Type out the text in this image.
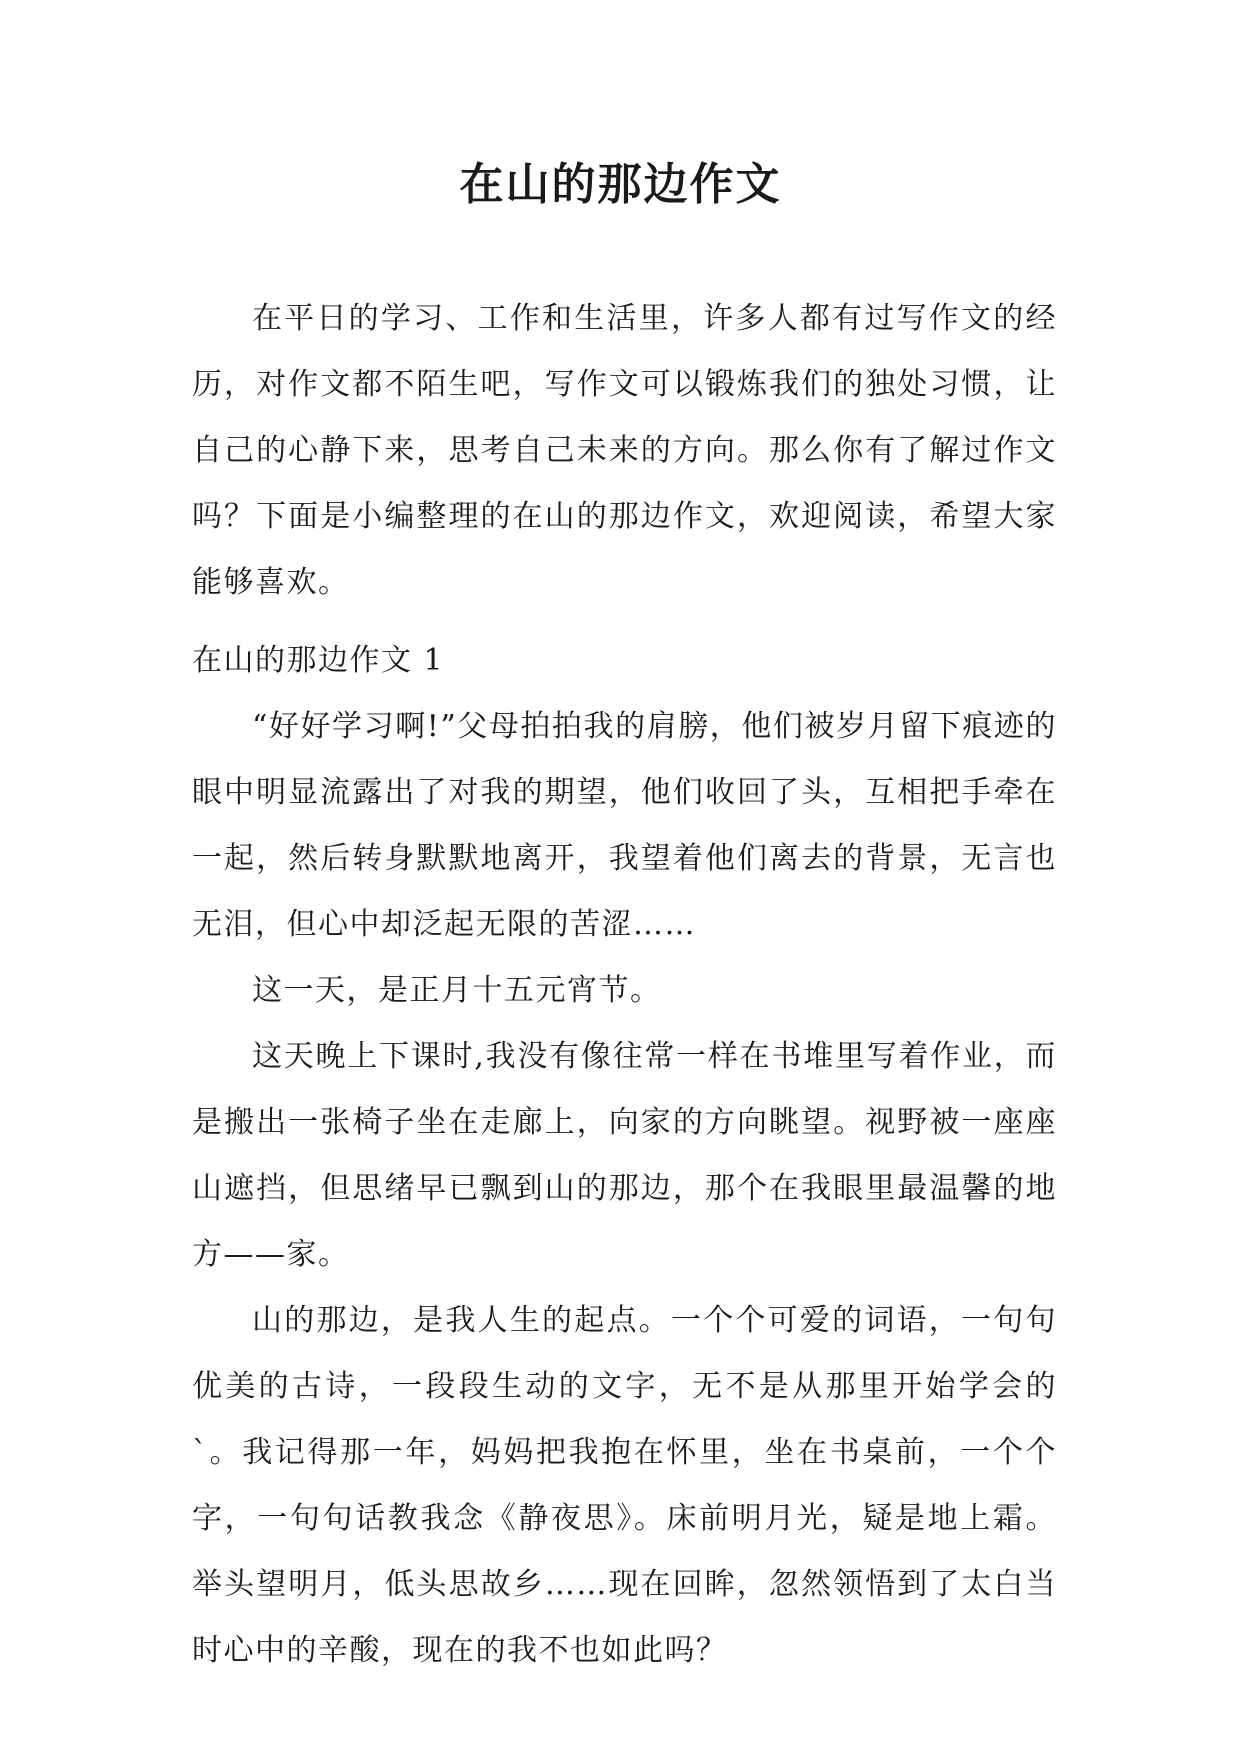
在山的那边作文

在平日的学习、工作和生活里，许多人都有过写作文的经历，对作文都不陌生吧，写作文可以锻炼我们的独处习惯，让自己的心静下来，思考自己未来的方向。那么你有了解过作文吗？下面是小编整理的在山的那边作文，欢迎阅读，希望大家能够喜欢。

在山的那边作文 1

“好好学习啊!”父母拍拍我的肩膀，他们被岁月留下痕迹的眼中明显流露出了对我的期望，他们收回了头，互相把手牵在一起，然后转身默默地离开，我望着他们离去的背景，无言也无泪，但心中却泛起无限的苦涩……

这一天，是正月十五元宵节。

这天晚上下课时,我没有像往常一样在书堆里写着作业，而是搬出一张椅子坐在走廊上，向家的方向眺望。视野被一座座山遮挡，但思绪早已飘到山的那边，那个在我眼里最温馨的地方——家。

山的那边，是我人生的起点。一个个可爱的词语，一句句优美的古诗，一段段生动的文字，无不是从那里开始学会的`。我记得那一年，妈妈把我抱在怀里，坐在书桌前，一个个字，一句句话教我念《静夜思》。床前明月光，疑是地上霜。举头望明月，低头思故乡……现在回眸，忽然领悟到了太白当时心中的辛酸，现在的我不也如此吗？
